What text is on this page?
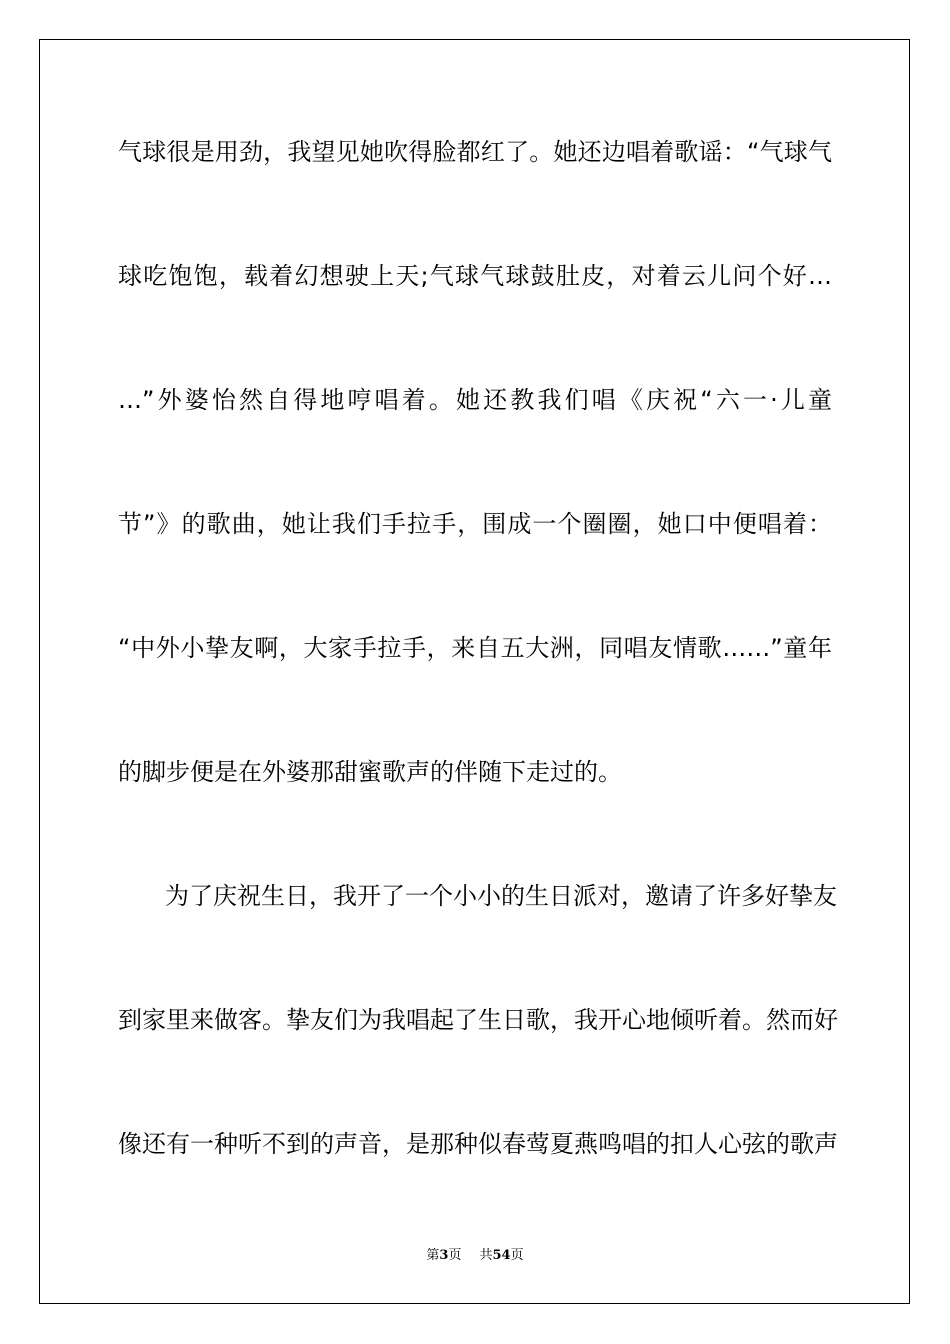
气球很是用劲，我望见她吹得脸都红了。她还边唱着歌谣：“气球气
球吃饱饱，载着幻想驶上天;气球气球鼓肚皮，对着云儿问个好…
…”外婆怡然自得地哼唱着。她还教我们唱《庆祝“六一·儿童
节”》的歌曲，她让我们手拉手，围成一个圈圈，她口中便唱着：
“中外小挚友啊，大家手拉手，来自五大洲，同唱友情歌……”童年
的脚步便是在外婆那甜蜜歌声的伴随下走过的。
为了庆祝生日，我开了一个小小的生日派对，邀请了许多好挚友
到家里来做客。挚友们为我唱起了生日歌，我开心地倾听着。然而好
像还有一种听不到的声音，是那种似春莺夏燕鸣唱的扣人心弦的歌声
第3页 共54页
